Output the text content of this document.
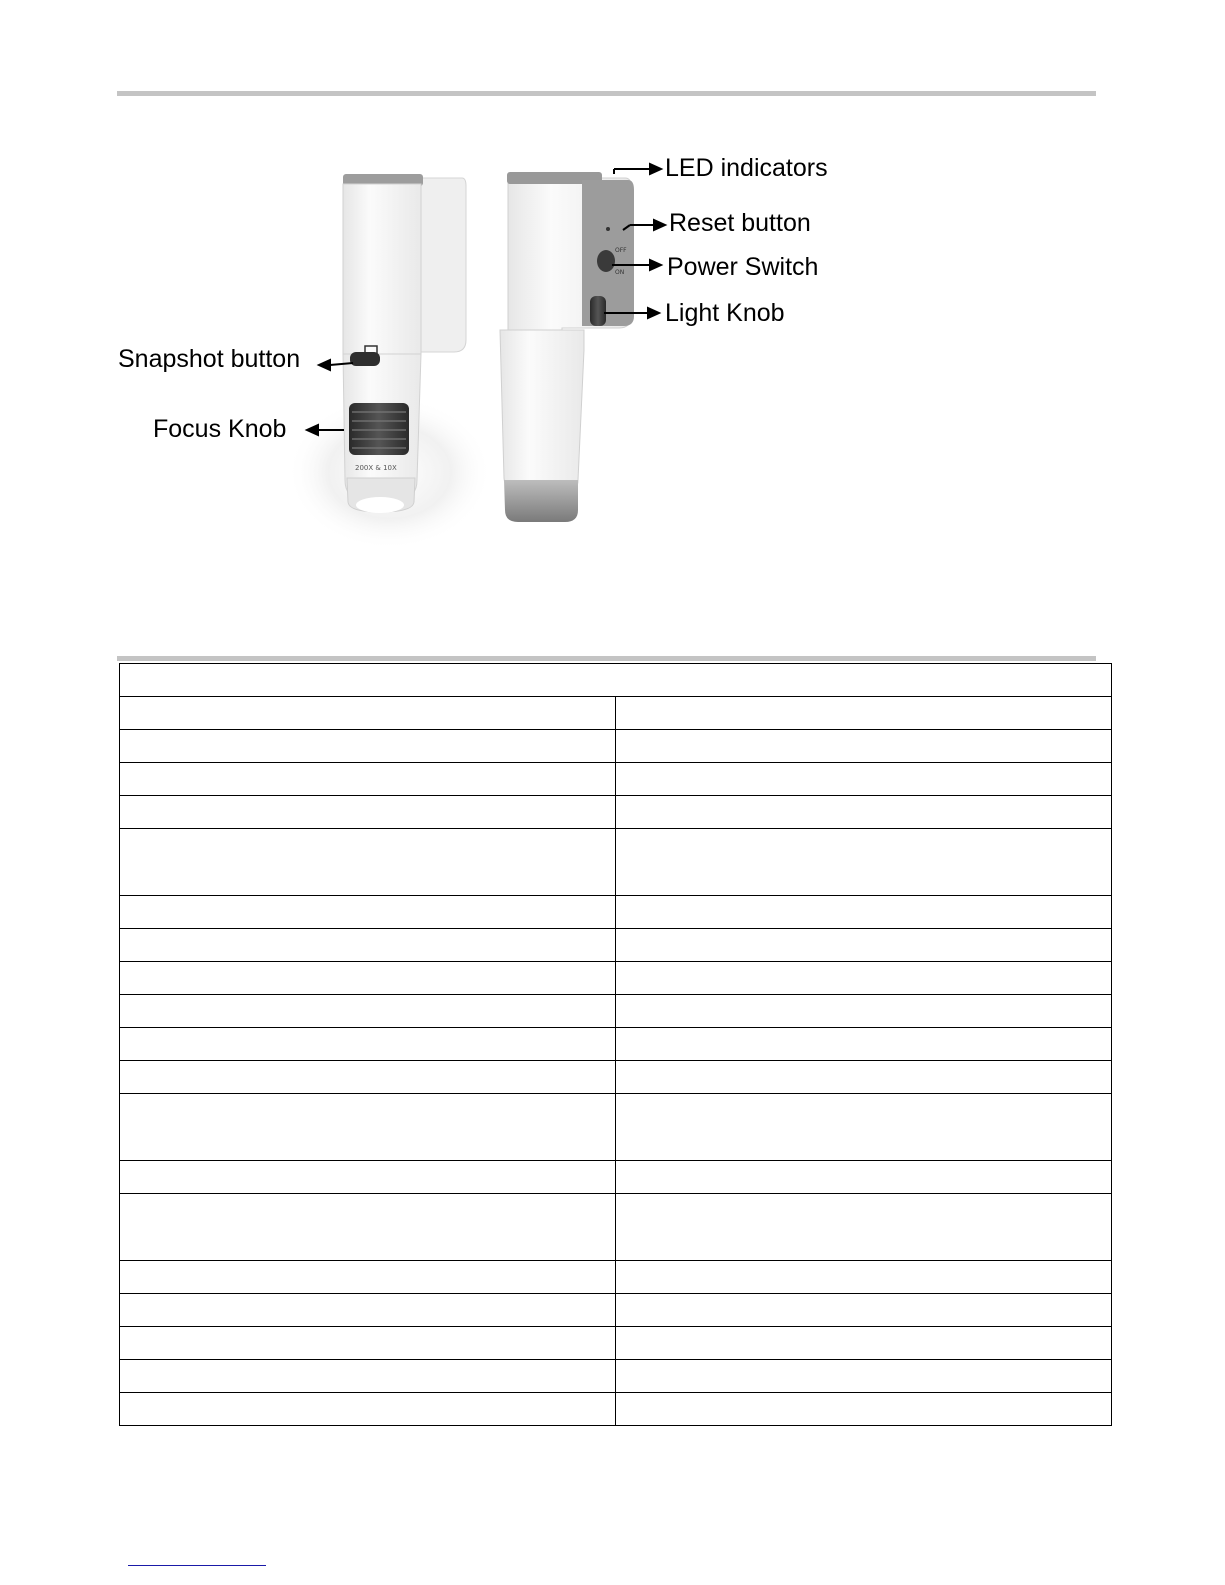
200X & 10X
OFF
ON
LED indicators
Reset button
Power Switch
Light Knob
Snapshot button
Focus Knob
